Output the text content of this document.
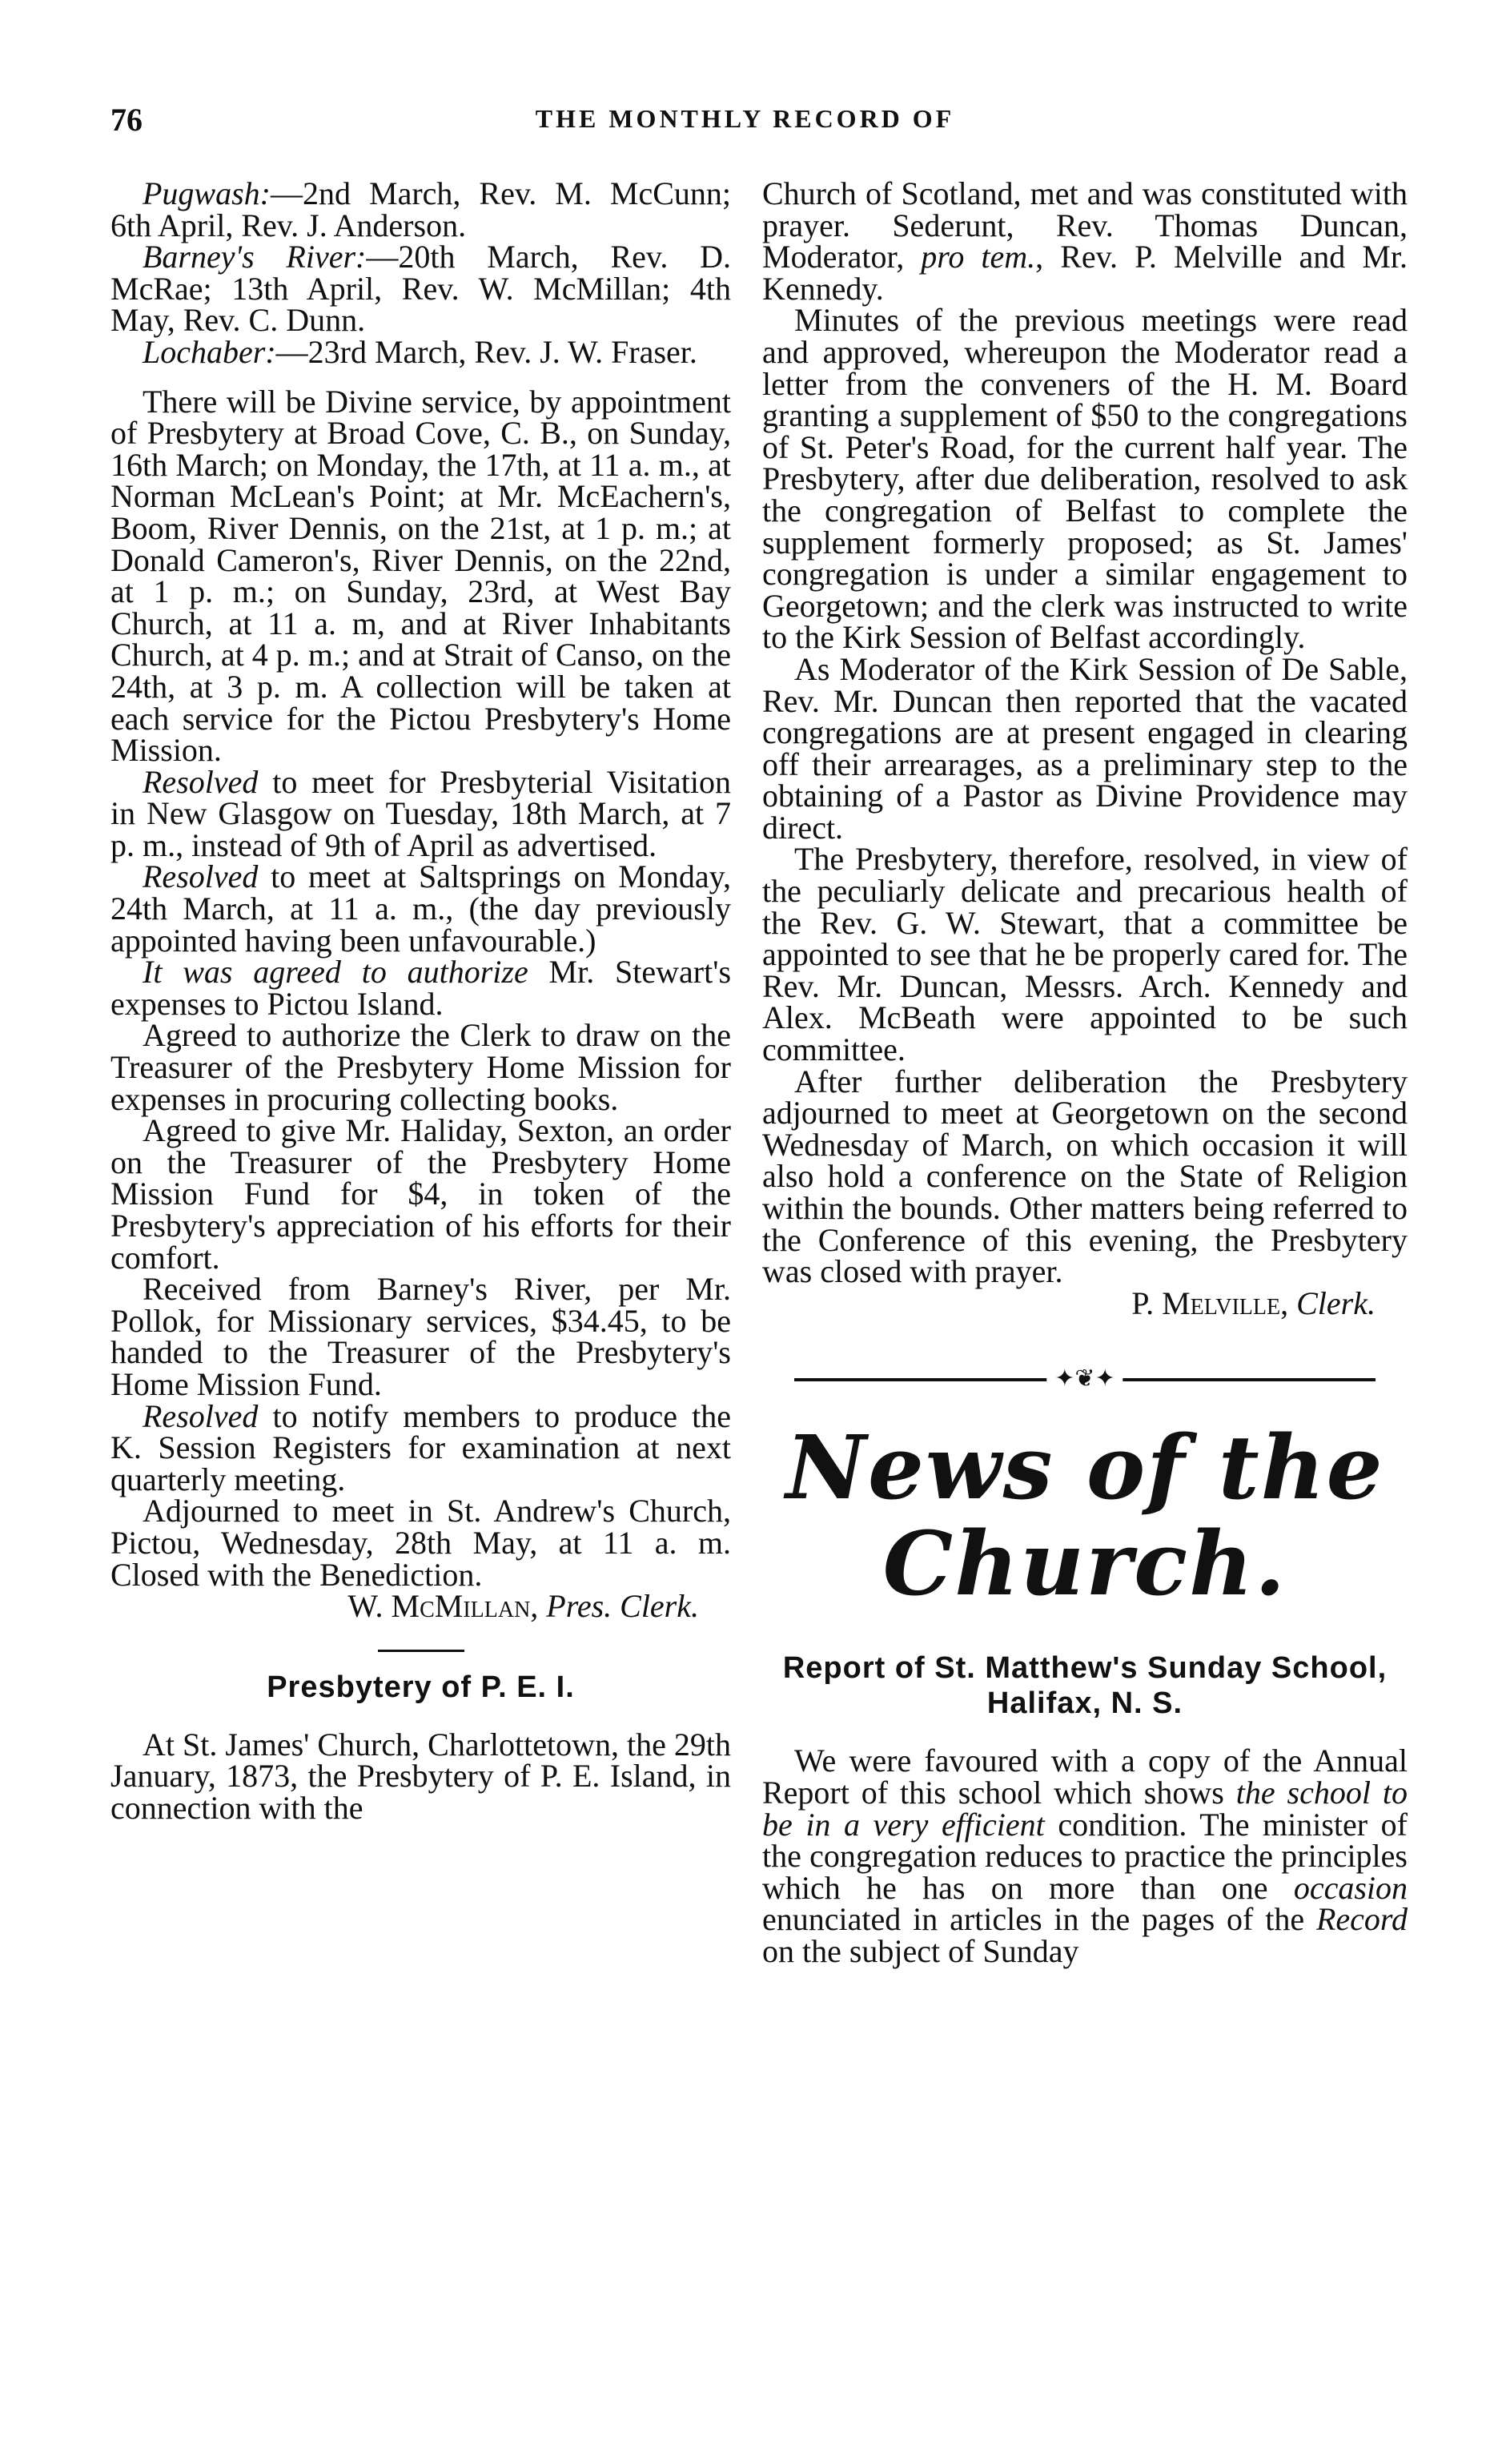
76	THE MONTHLY RECORD OF

Pugwash:—2nd March, Rev. M. McCunn; 6th April, Rev. J. Anderson.

Barney's River:—20th March, Rev. D. McRae; 13th April, Rev. W. McMillan; 4th May, Rev. C. Dunn.

Lochaber:—23rd March, Rev. J. W. Fraser.

There will be Divine service, by appointment of Presbytery at Broad Cove, C. B., on Sunday, 16th March; on Monday, the 17th, at 11 a. m., at Norman McLean's Point; at Mr. McEachern's, Boom, River Dennis, on the 21st, at 1 p. m.; at Donald Cameron's, River Dennis, on the 22nd, at 1 p. m.; on Sunday, 23rd, at West Bay Church, at 11 a. m, and at River Inhabitants Church, at 4 p. m.; and at Strait of Canso, on the 24th, at 3 p. m. A collection will be taken at each service for the Pictou Presbytery's Home Mission.

Resolved to meet for Presbyterial Visitation in New Glasgow on Tuesday, 18th March, at 7 p. m., instead of 9th of April as advertised.

Resolved to meet at Saltsprings on Monday, 24th March, at 11 a. m., (the day previously appointed having been unfavourable.)

It was agreed to authorize Mr. Stewart's expenses to Pictou Island.

Agreed to authorize the Clerk to draw on the Treasurer of the Presbytery Home Mission for expenses in procuring collecting books.

Agreed to give Mr. Haliday, Sexton, an order on the Treasurer of the Presbytery Home Mission Fund for $4, in token of the Presbytery's appreciation of his efforts for their comfort.

Received from Barney's River, per Mr. Pollok, for Missionary services, $34.45, to be handed to the Treasurer of the Presbytery's Home Mission Fund.

Resolved to notify members to produce the K. Session Registers for examination at next quarterly meeting.

Adjourned to meet in St. Andrew's Church, Pictou, Wednesday, 28th May, at 11 a. m. Closed with the Benediction.

W. McMillan, Pres. Clerk.

Presbytery of P. E. I.

At St. James' Church, Charlottetown, the 29th January, 1873, the Presbytery of P. E. Island, in connection with the

Church of Scotland, met and was constituted with prayer. Sederunt, Rev. Thomas Duncan, Moderator, pro tem., Rev. P. Melville and Mr. Kennedy.

Minutes of the previous meetings were read and approved, whereupon the Moderator read a letter from the conveners of the H. M. Board granting a supplement of $50 to the congregations of St. Peter's Road, for the current half year. The Presbytery, after due deliberation, resolved to ask the congregation of Belfast to complete the supplement formerly proposed; as St. James' congregation is under a similar engagement to Georgetown; and the clerk was instructed to write to the Kirk Session of Belfast accordingly.

As Moderator of the Kirk Session of De Sable, Rev. Mr. Duncan then reported that the vacated congregations are at present engaged in clearing off their arrearages, as a preliminary step to the obtaining of a Pastor as Divine Providence may direct.

The Presbytery, therefore, resolved, in view of the peculiarly delicate and precarious health of the Rev. G. W. Stewart, that a committee be appointed to see that he be properly cared for. The Rev. Mr. Duncan, Messrs. Arch. Kennedy and Alex. McBeath were appointed to be such committee.

After further deliberation the Presbytery adjourned to meet at Georgetown on the second Wednesday of March, on which occasion it will also hold a conference on the State of Religion within the bounds. Other matters being referred to the Conference of this evening, the Presbytery was closed with prayer.

P. Melville, Clerk.

✦❦✦
News of the Church.
Report of St. Matthew's Sunday School, Halifax, N. S.

We were favoured with a copy of the Annual Report of this school which shows the school to be in a very efficient condition. The minister of the congregation reduces to practice the principles which he has on more than one occasion enunciated in articles in the pages of the Record on the subject of Sunday
